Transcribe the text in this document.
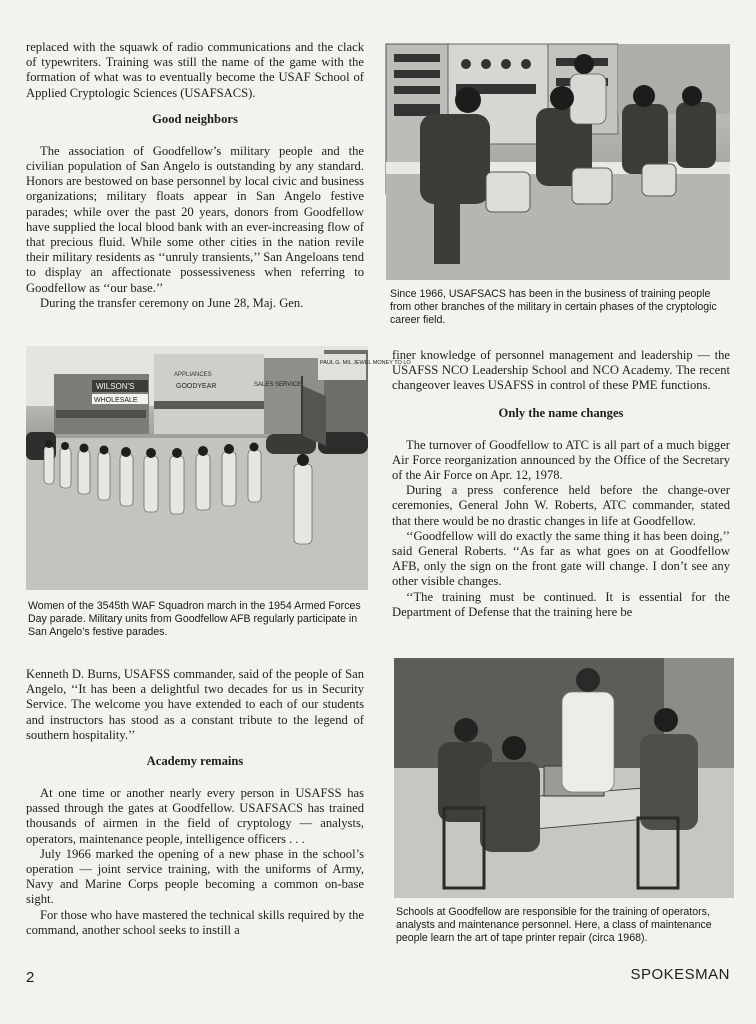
replaced with the squawk of radio communications and the clack of typewriters. Training was still the name of the game with the formation of what was to eventually become the USAF School of Applied Cryptologic Sciences (USAFSACS).

Good neighbors

The association of Goodfellow’s military people and the civilian population of San Angelo is outstanding by any standard. Honors are bestowed on base personnel by local civic and business organizations; military floats appear in San Angelo festive parades; while over the past 20 years, donors from Goodfellow have supplied the local blood bank with an ever-increasing flow of that precious fluid. While some other cities in the nation revile their military residents as ‘‘unruly transients,’’ San Angeloans tend to display an affectionate possessiveness when referring to Goodfellow as ‘‘our base.’’

During the transfer ceremony on June 28, Maj. Gen.

WILSON'S
WHOLESALE
APPLIANCES
GOODYEAR	SALES SERVICE
PAUL G. MIL JEWEL MONEY TO LO
Women of the 3545th WAF Squadron march in the 1954 Armed Forces Day parade. Military units from Goodfellow AFB regularly participate in San Angelo’s festive parades.

Kenneth D. Burns, USAFSS commander, said of the people of San Angelo, ‘‘It has been a delightful two decades for us in Security Service. The welcome you have extended to each of our students and instructors has stood as a constant tribute to the legend of southern hospitality.’’

Academy remains

At one time or another nearly every person in USAFSS has passed through the gates at Goodfellow. USAFSACS has trained thousands of airmen in the field of cryptology — analysts, operators, maintenance people, intelligence officers . . .

July 1966 marked the opening of a new phase in the school’s operation — joint service training, with the uniforms of Army, Navy and Marine Corps people becoming a common on-base sight.

For those who have mastered the technical skills required by the command, another school seeks to instill a

Since 1966, USAFSACS has been in the business of training people from other branches of the military in certain phases of the cryptologic career field.

finer knowledge of personnel management and leadership — the USAFSS NCO Leadership School and NCO Academy. The recent changeover leaves USAFSS in control of these PME functions.

Only the name changes

The turnover of Goodfellow to ATC is all part of a much bigger Air Force reorganization announced by the Office of the Secretary of the Air Force on Apr. 12, 1978.

During a press conference held before the change-over ceremonies, General John W. Roberts, ATC commander, stated that there would be no drastic changes in life at Goodfellow.

‘‘Goodfellow will do exactly the same thing it has been doing,’’ said General Roberts. ‘‘As far as what goes on at Goodfellow AFB, only the sign on the front gate will change. I don’t see any other visible changes.

‘‘The training must be continued. It is essential for the Department of Defense that the training here be

Schools at Goodfellow are responsible for the training of operators, analysts and maintenance personnel. Here, a class of maintenance people learn the art of tape printer repair (circa 1968).
2	SPOKESMAN
